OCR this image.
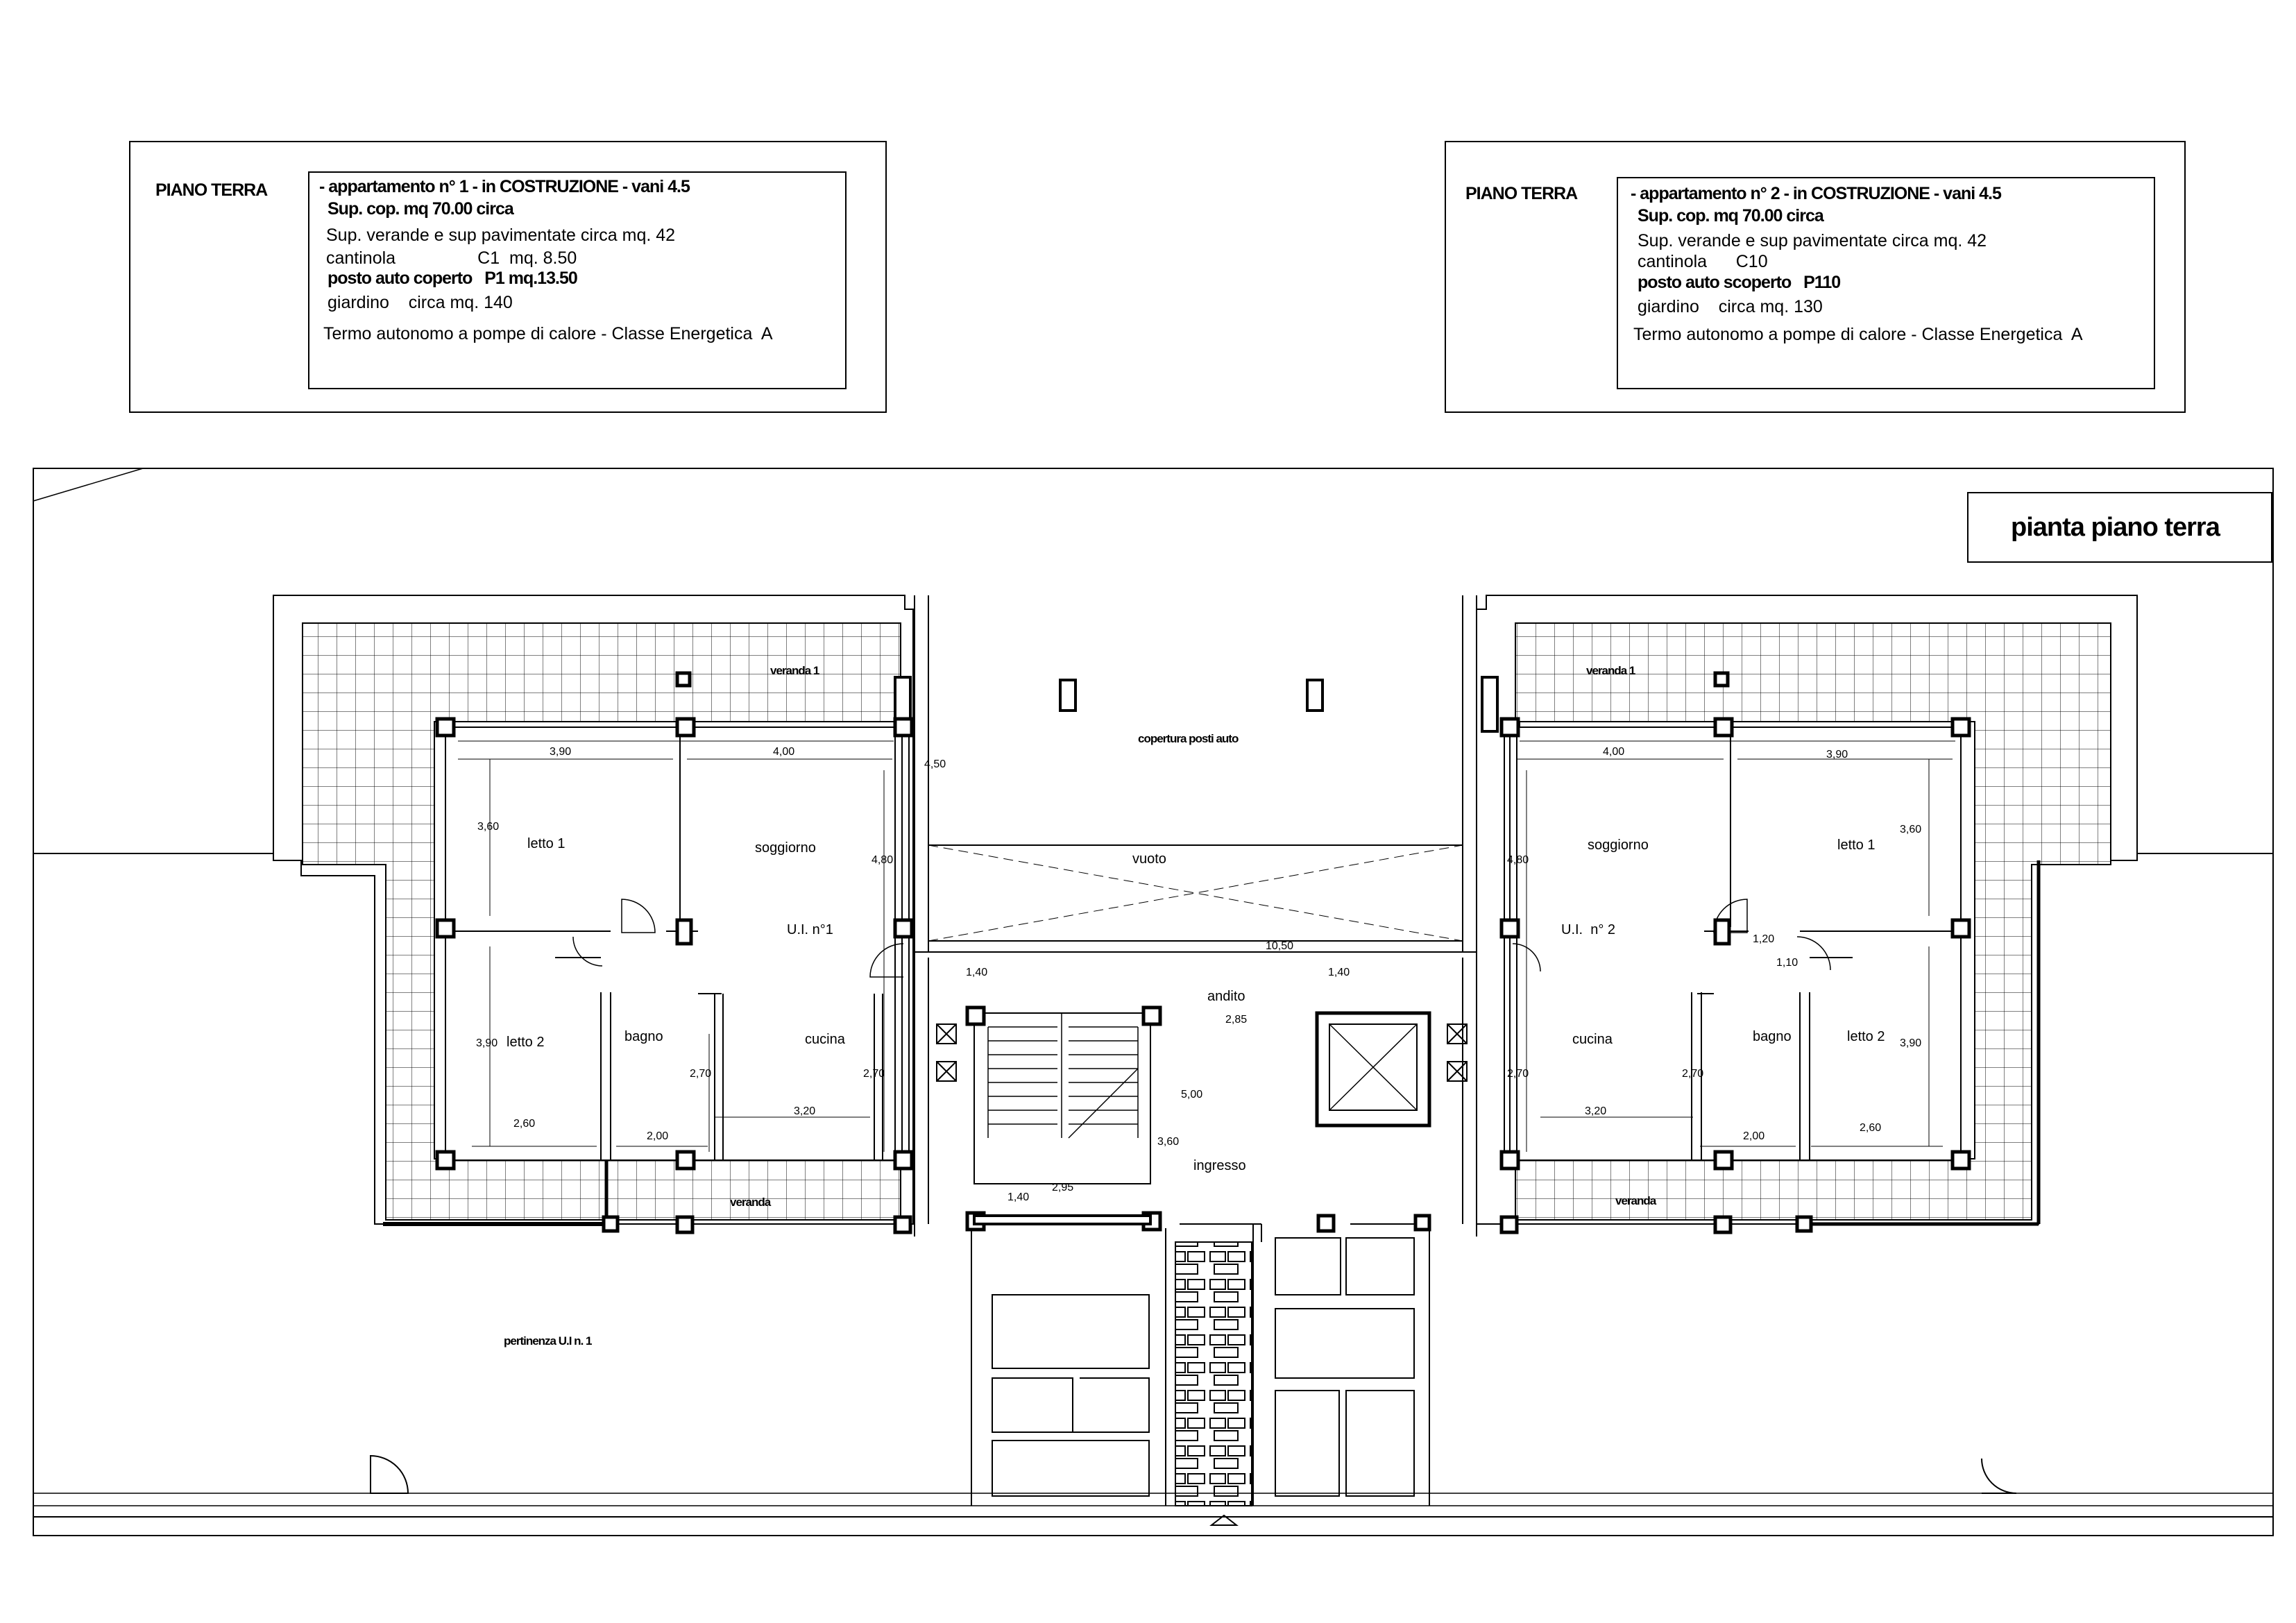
PIANO TERRA	- appartamento n° 1 - in COSTRUZIONE - vani 4.5
Sup. cop. mq 70.00 circa
Sup. verande e sup pavimentate circa mq. 42
cantinola                 C1  mq. 8.50
posto auto coperto   P1 mq.13.50
giardino    circa mq. 140
Termo autonomo a pompe di calore - Classe Energetica  A
PIANO TERRA	- appartamento n° 2 - in COSTRUZIONE - vani 4.5
Sup. cop. mq 70.00 circa
Sup. verande e sup pavimentate circa mq. 42
cantinola      C10
posto auto scoperto   P110
giardino    circa mq. 130
Termo autonomo a pompe di calore - Classe Energetica  A
pianta piano terra
veranda 1	veranda 1
copertura posti auto
vuoto
letto 1	soggiorno
U.I. n°1
letto 2	bagno	cucina
veranda
andito
ingresso
soggiorno	letto 1
U.I.  n° 2
cucina	bagno	letto 2
veranda
pertinenza U.I n. 1
3,90	4,00
4,50
3,60
4,80
3,90
2,70	2,70
2,60
2,00
3,20
10,50
1,40	1,40
2,85
5,00
3,60
2,95
1,40
4,00	3,90
4,80
3,60
1,20
1,10
2,70	2,70
3,90
3,20
2,00
2,60
